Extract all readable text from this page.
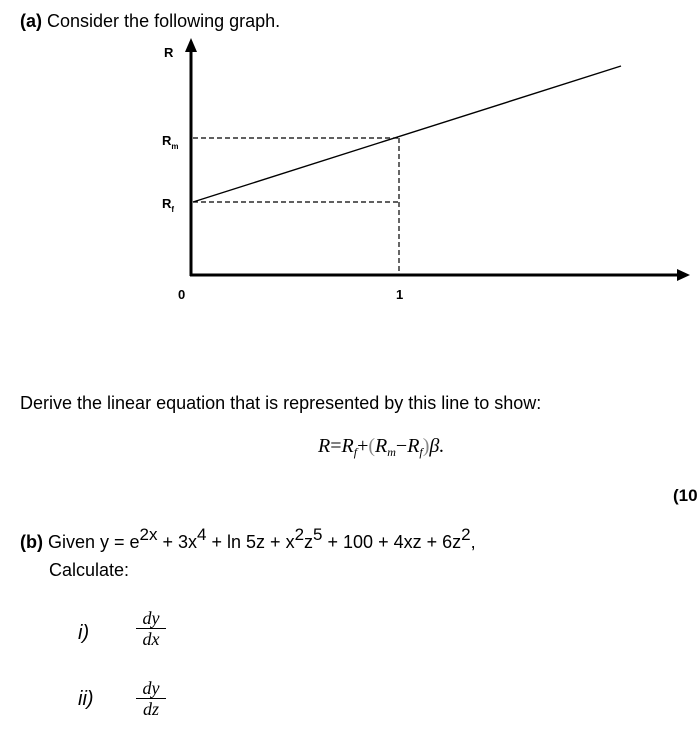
(a) Consider the following graph.
R
$R_m$
$R_f$
0	1
Derive the linear equation that is represented by this line to show:
$R=R_f+(R_m-R_f)\beta$.
(10
(b) Given $y = e^{2x} + 3x^4 + \ln 5z + x^2z^5 + 100 + 4xz + 6z^2$,
Calculate:
i)	$\frac{dy}{dx}$
$ii) \frac{dy}{dz}$
